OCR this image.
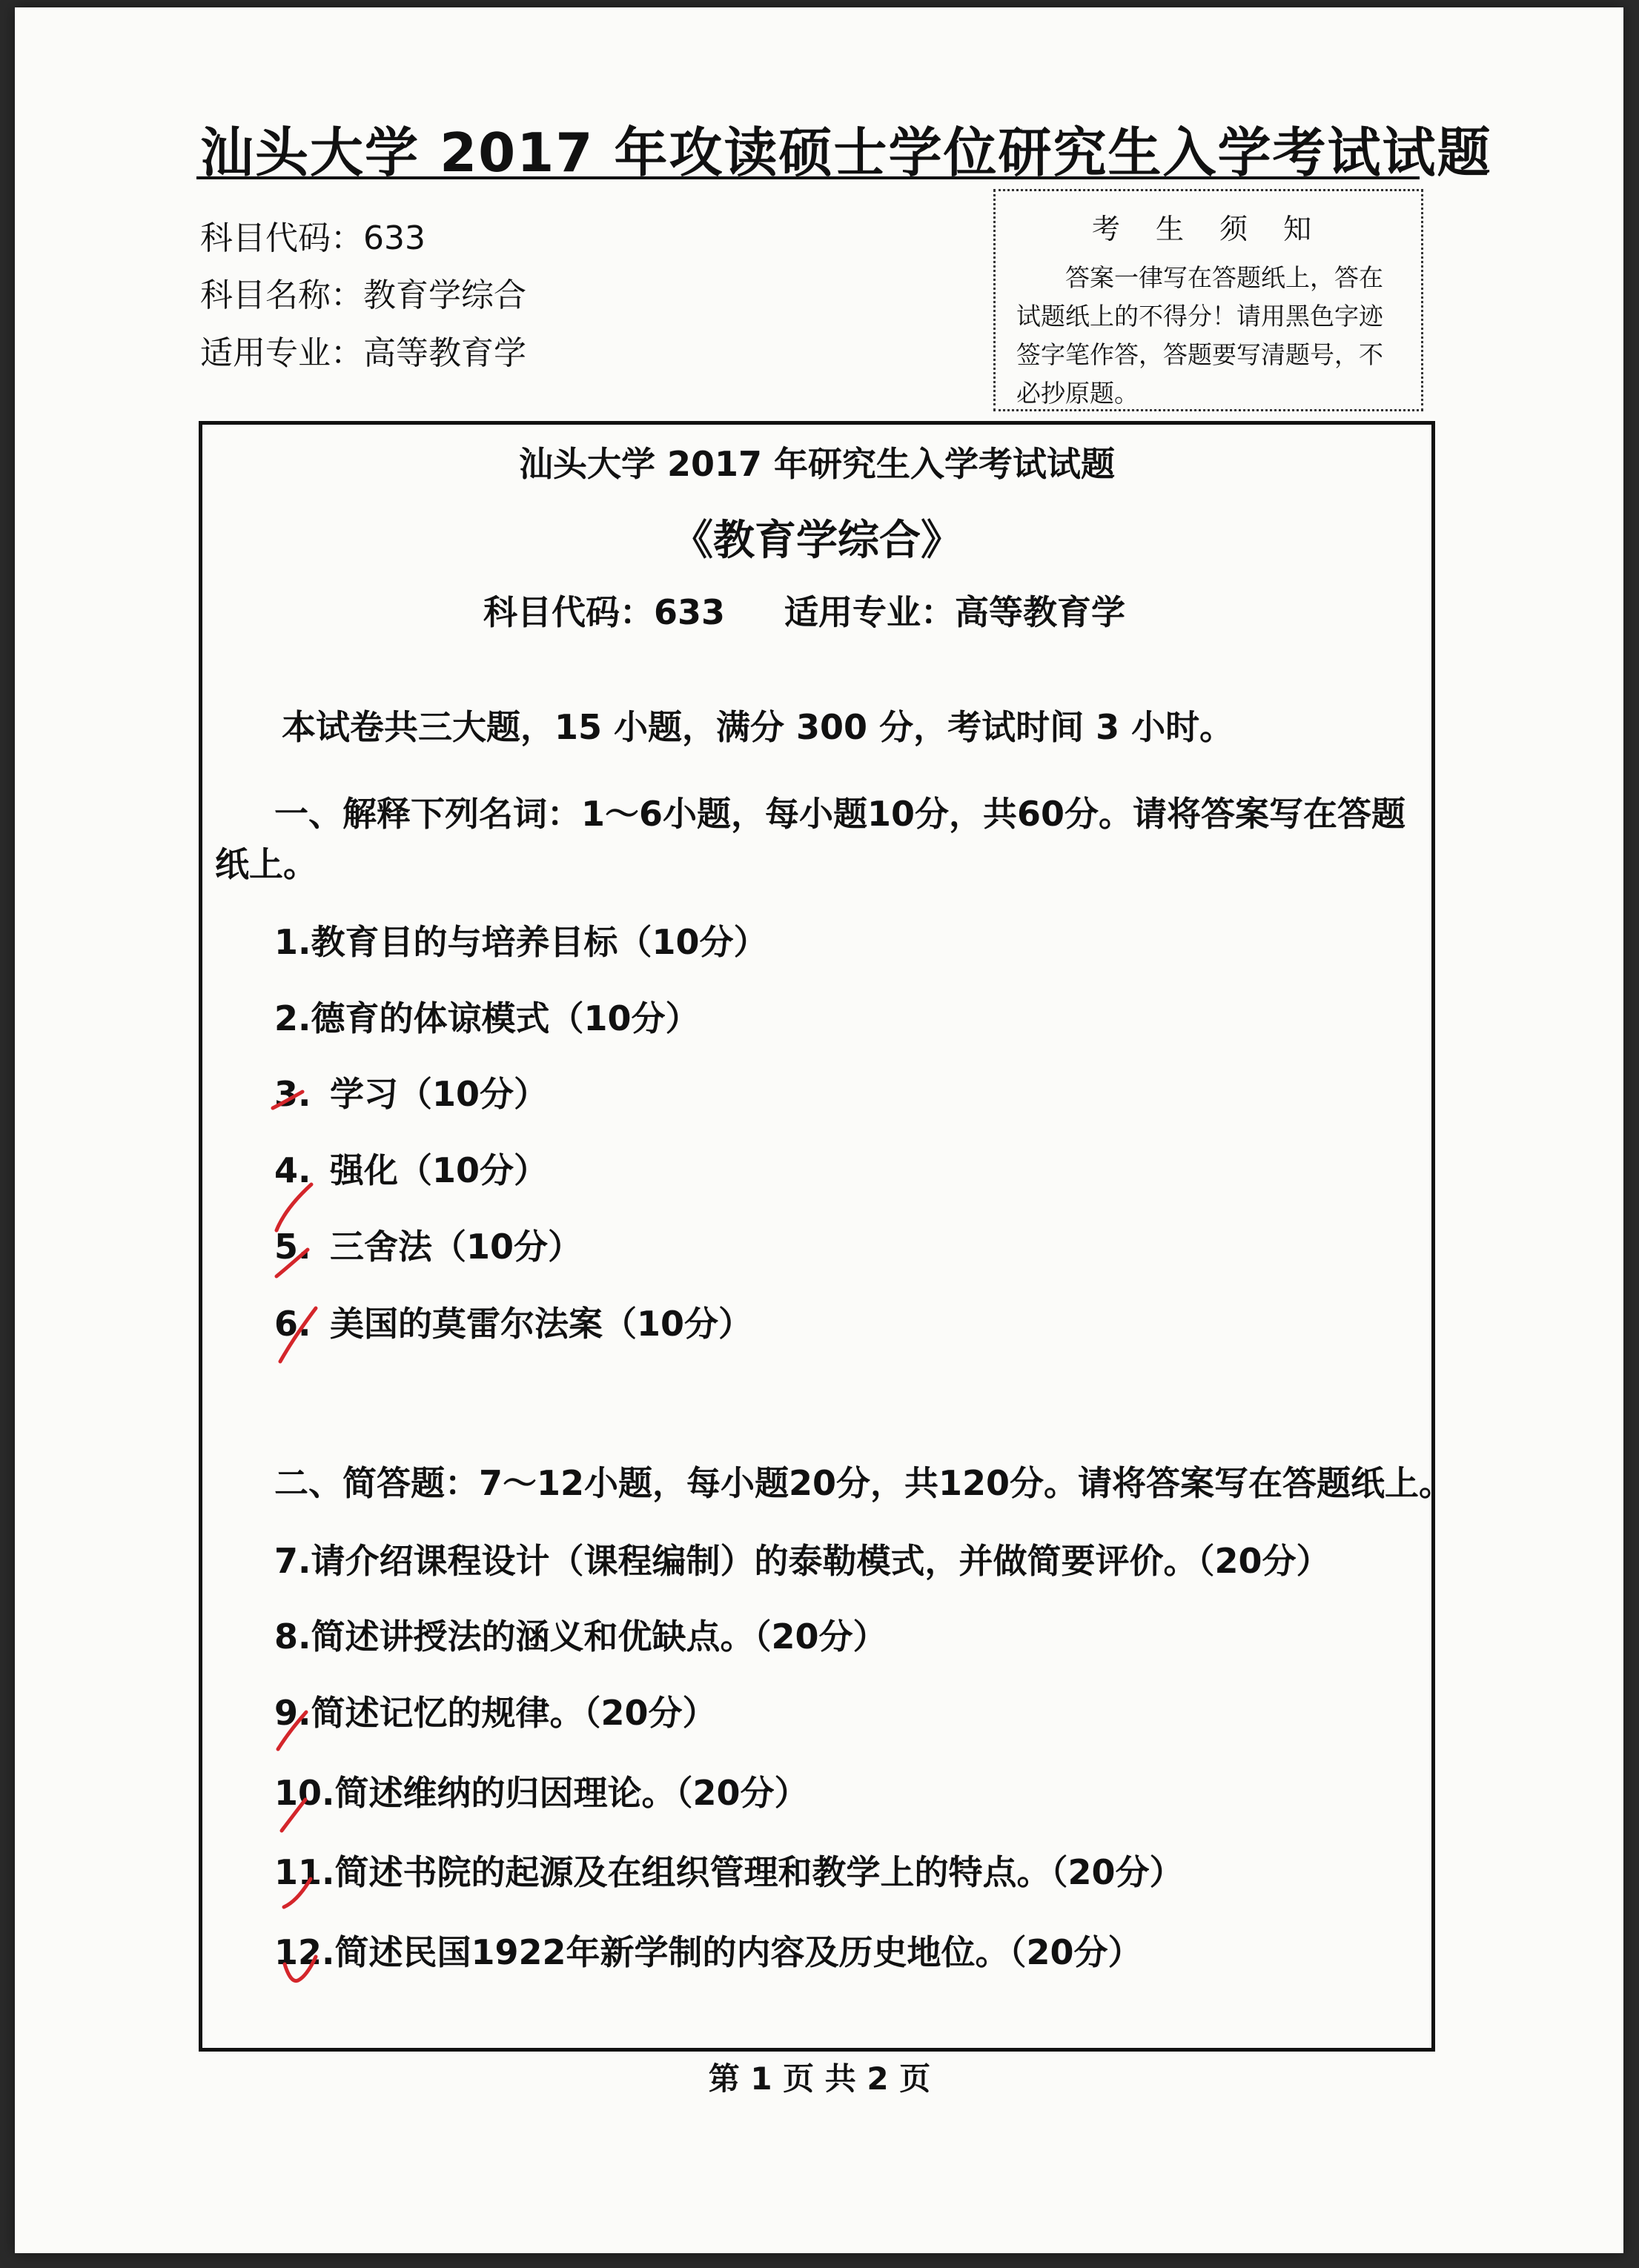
汕头大学 2017 年攻读硕士学位研究生入学考试试题
科目代码：633
科目名称：教育学综合
适用专业：高等教育学
考 生 须 知
答案一律写在答题纸上，答在试题纸上的不得分！请用黑色字迹签字笔作答，答题要写清题号，不必抄原题。
汕头大学 2017 年研究生入学考试试题
《教育学综合》
科目代码：633 适用专业：高等教育学
本试卷共三大题，15 小题，满分 300 分，考试时间 3 小时。
一、解释下列名词：1～6小题，每小题10分，共60分。请将答案写在答题
纸上。
1.教育目的与培养目标（10分）
2.德育的体谅模式（10分）
3. 学习（10分）
4. 强化（10分）
5. 三舍法（10分）
6. 美国的莫雷尔法案（10分）
二、简答题：7～12小题，每小题20分，共120分。请将答案写在答题纸上。
7.请介绍课程设计（课程编制）的泰勒模式，并做简要评价。（20分）
8.简述讲授法的涵义和优缺点。（20分）
9.简述记忆的规律。（20分）
10.简述维纳的归因理论。（20分）
11.简述书院的起源及在组织管理和教学上的特点。（20分）
12.简述民国1922年新学制的内容及历史地位。（20分）
第 1 页 共 2 页
